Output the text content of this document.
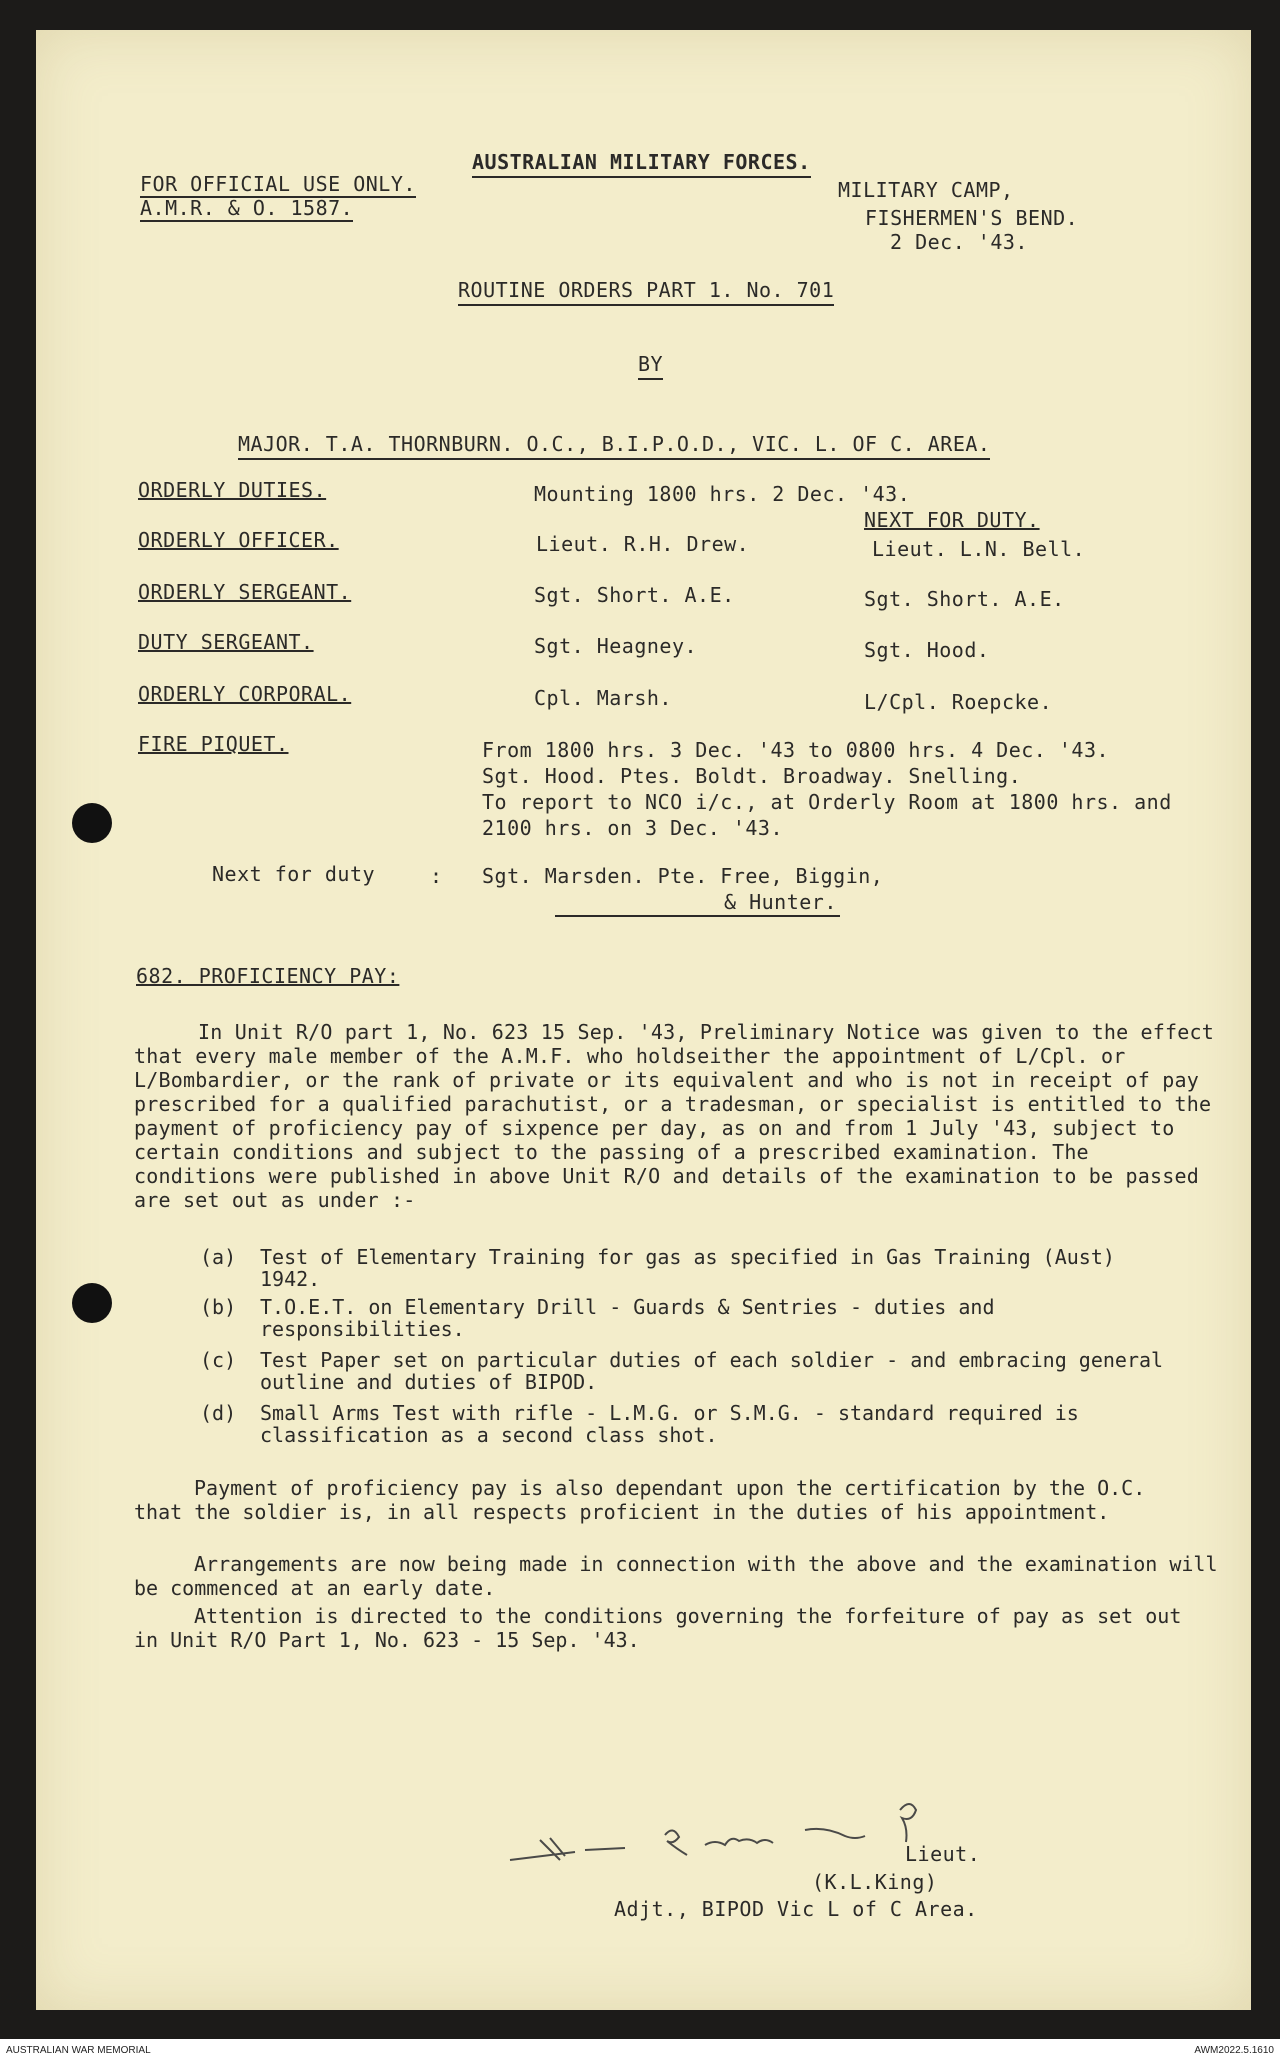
AUSTRALIAN MILITARY FORCES.
FOR OFFICIAL USE ONLY.
A.M.R. & O. 1587.
MILITARY CAMP,
FISHERMEN'S BEND.
2 Dec. '43.
ROUTINE ORDERS PART 1. No. 701
BY
MAJOR. T.A. THORNBURN. O.C., B.I.P.O.D., VIC. L. OF C. AREA.
ORDERLY DUTIES.	Mounting 1800 hrs. 2 Dec. '43.
NEXT FOR DUTY.
ORDERLY OFFICER.	Lieut. R.H. Drew.	Lieut. L.N. Bell.
ORDERLY SERGEANT.	Sgt. Short. A.E.	Sgt. Short. A.E.
DUTY SERGEANT.	Sgt. Heagney.	Sgt. Hood.
ORDERLY CORPORAL.	Cpl. Marsh.	L/Cpl. Roepcke.
FIRE PIQUET.	From 1800 hrs. 3 Dec. '43 to 0800 hrs. 4 Dec. '43.
Sgt. Hood. Ptes. Boldt. Broadway. Snelling.
To report to NCO i/c., at Orderly Room at 1800 hrs. and
2100 hrs. on 3 Dec. '43.
Next for duty	: Sgt. Marsden. Pte. Free, Biggin,
& Hunter.
682. PROFICIENCY PAY:
In Unit R/O part 1, No. 623 15 Sep. '43, Preliminary Notice was given to the effect that every male member of the A.M.F. who holdseither the appointment of L/Cpl. or L/Bombardier, or the rank of private or its equivalent and who is not in receipt of pay prescribed for a qualified parachutist, or a tradesman, or specialist is entitled to the payment of proficiency pay of sixpence per day, as on and from 1 July '43, subject to certain conditions and subject to the passing of a prescribed examination. The conditions were published in above Unit R/O and details of the examination to be passed are set out as under :-
(a) Test of Elementary Training for gas as specified in Gas Training (Aust) 1942.
(b) T.O.E.T. on Elementary Drill - Guards & Sentries - duties and responsibilities.
(c) Test Paper set on particular duties of each soldier - and embracing general outline and duties of BIPOD.
(d) Small Arms Test with rifle - L.M.G. or S.M.G. - standard required is classification as a second class shot.
Payment of proficiency pay is also dependant upon the certification by the O.C. that the soldier is, in all respects proficient in the duties of his appointment.
Arrangements are now being made in connection with the above and the examination will be commenced at an early date.
Attention is directed to the conditions governing the forfeiture of pay as set out in Unit R/O Part 1, No. 623 - 15 Sep. '43.
Lieut.
(K.L.King)
Adjt., BIPOD Vic L of C Area.
AUSTRALIAN WAR MEMORIAL	AWM2022.5.1610
